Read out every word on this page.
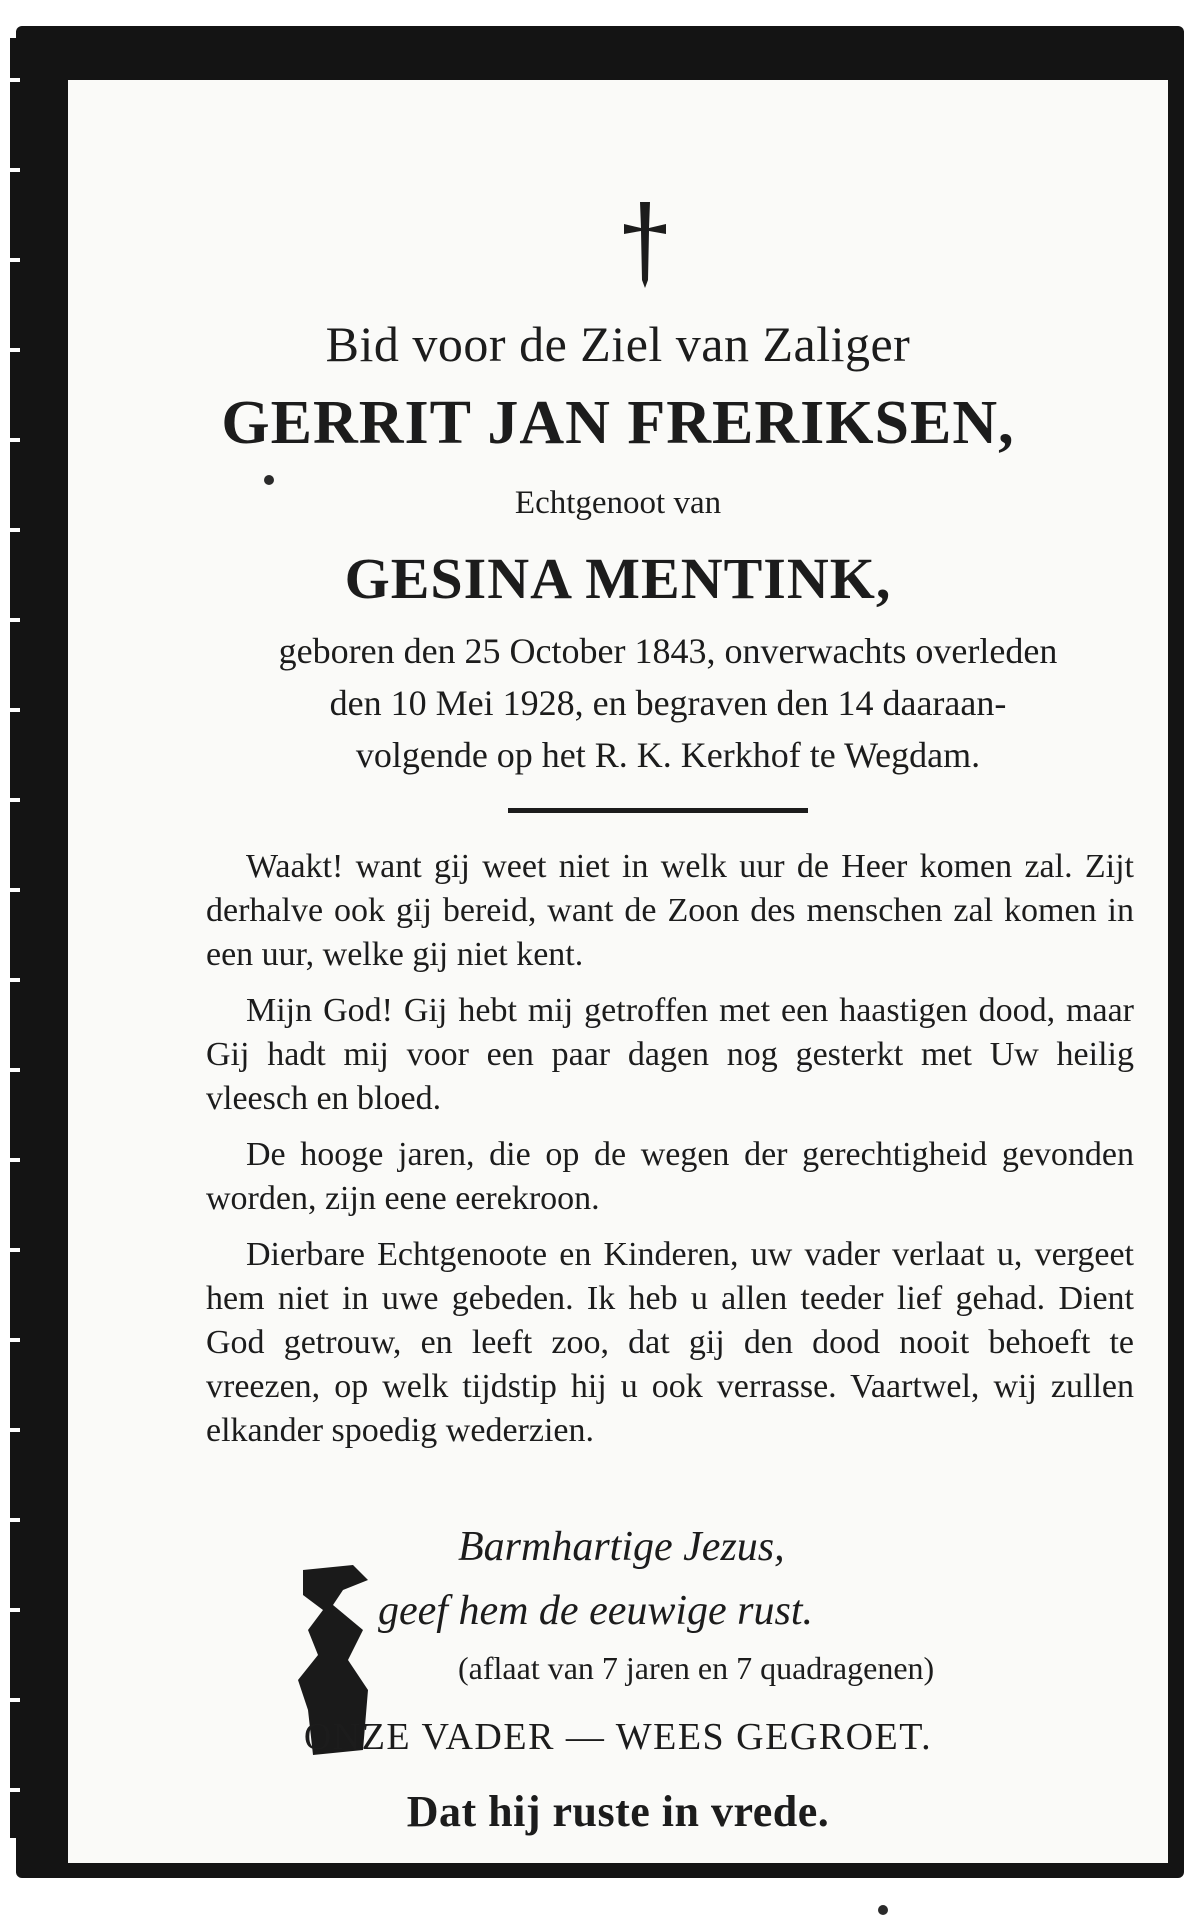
Bid voor de Ziel van Zaliger
GERRIT JAN FRERIKSEN,
Echtgenoot van
GESINA MENTINK,
geboren den 25 October 1843, onverwachts overleden
den 10 Mei 1928, en begraven den 14 daaraan-
volgende op het R. K. Kerkhof te Wegdam.

Waakt! want gij weet niet in welk uur de Heer komen zal. Zijt derhalve ook gij bereid, want de Zoon des menschen zal komen in een uur, welke gij niet kent.

Mijn God! Gij hebt mij getroffen met een haastigen dood, maar Gij hadt mij voor een paar dagen nog gesterkt met Uw heilig vleesch en bloed.

De hooge jaren, die op de wegen der gerechtigheid gevonden worden, zijn eene eerekroon.

Dierbare Echtgenoote en Kinderen, uw vader verlaat u, vergeet hem niet in uwe gebeden. Ik heb u allen teeder lief gehad. Dient God getrouw, en leeft zoo, dat gij den dood nooit behoeft te vreezen, op welk tijdstip hij u ook verrasse. Vaartwel, wij zullen elkander spoedig wederzien.

Barmhartige Jezus,
geef hem de eeuwige rust.
(aflaat van 7 jaren en 7 quadragenen)
ONZE VADER — WEES GEGROET.
Dat hij ruste in vrede.
